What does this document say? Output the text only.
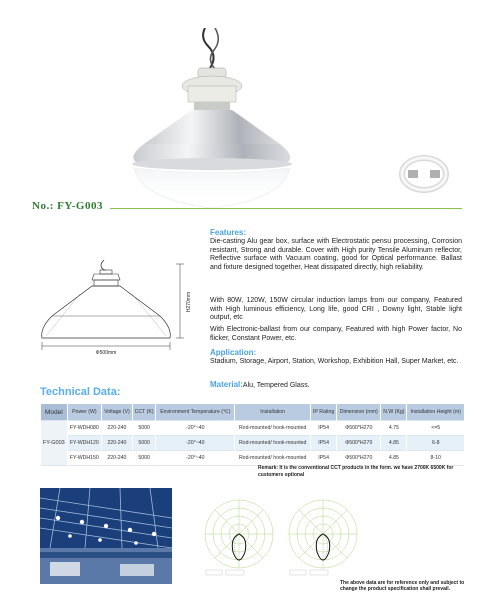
No.: FY-G003
Features:
Die-casting Alu gear box, surface with Electrostatic pensu processing, Corrosion resistant, Strong and durable. Cover with High purity Tensile Aluminum reflector, Reflective surface with Vacuum coating, good for Optical performance. Ballast and fixture designed together, Heat dissipated directly, high reliability.
With 80W, 120W, 150W circular induction lamps from our company, Featured with High luminous efficiency, Long life, good CRI , Downy light, Stable light output, etc
With Electronic-ballast from our company, Featured with high Power factor, No flicker, Constant Power, etc.
Application:
Stadium, Storage, Airport, Station, Workshop, Exhibition Hall, Super Market, etc.
Material:Alu, Tempered Glass.
Φ500mm
H270mm
Technical Data:
Model	Power (W)	Voltage (V)	CCT (K)	Environment Temperature (℃)	Installation	IP Rating	Dimension (mm)	N.W (Kg)	Installation Height (m)
FY-G003	FY-WDH080	220-240	5000	-20°~40	Rod-mounted/ hook-mounted	IP54	Φ500*H270	4.75	<=5
	FY-WDH120	220-240	5000	-20°~40	Rod-mounted/ hook-mounted	IP54	Φ500*H270	4.85	6-8
	FY-WDH150	220-240	5000	-20°~40	Rod-mounted/ hook-mounted	IP54	Φ500*H270	4.85	8-10
Remark: It is the conventional CCT products in the form. we have 2700K 6500K for customers optional
The above data are for reference only and subject to change the product specification shall prevail.
